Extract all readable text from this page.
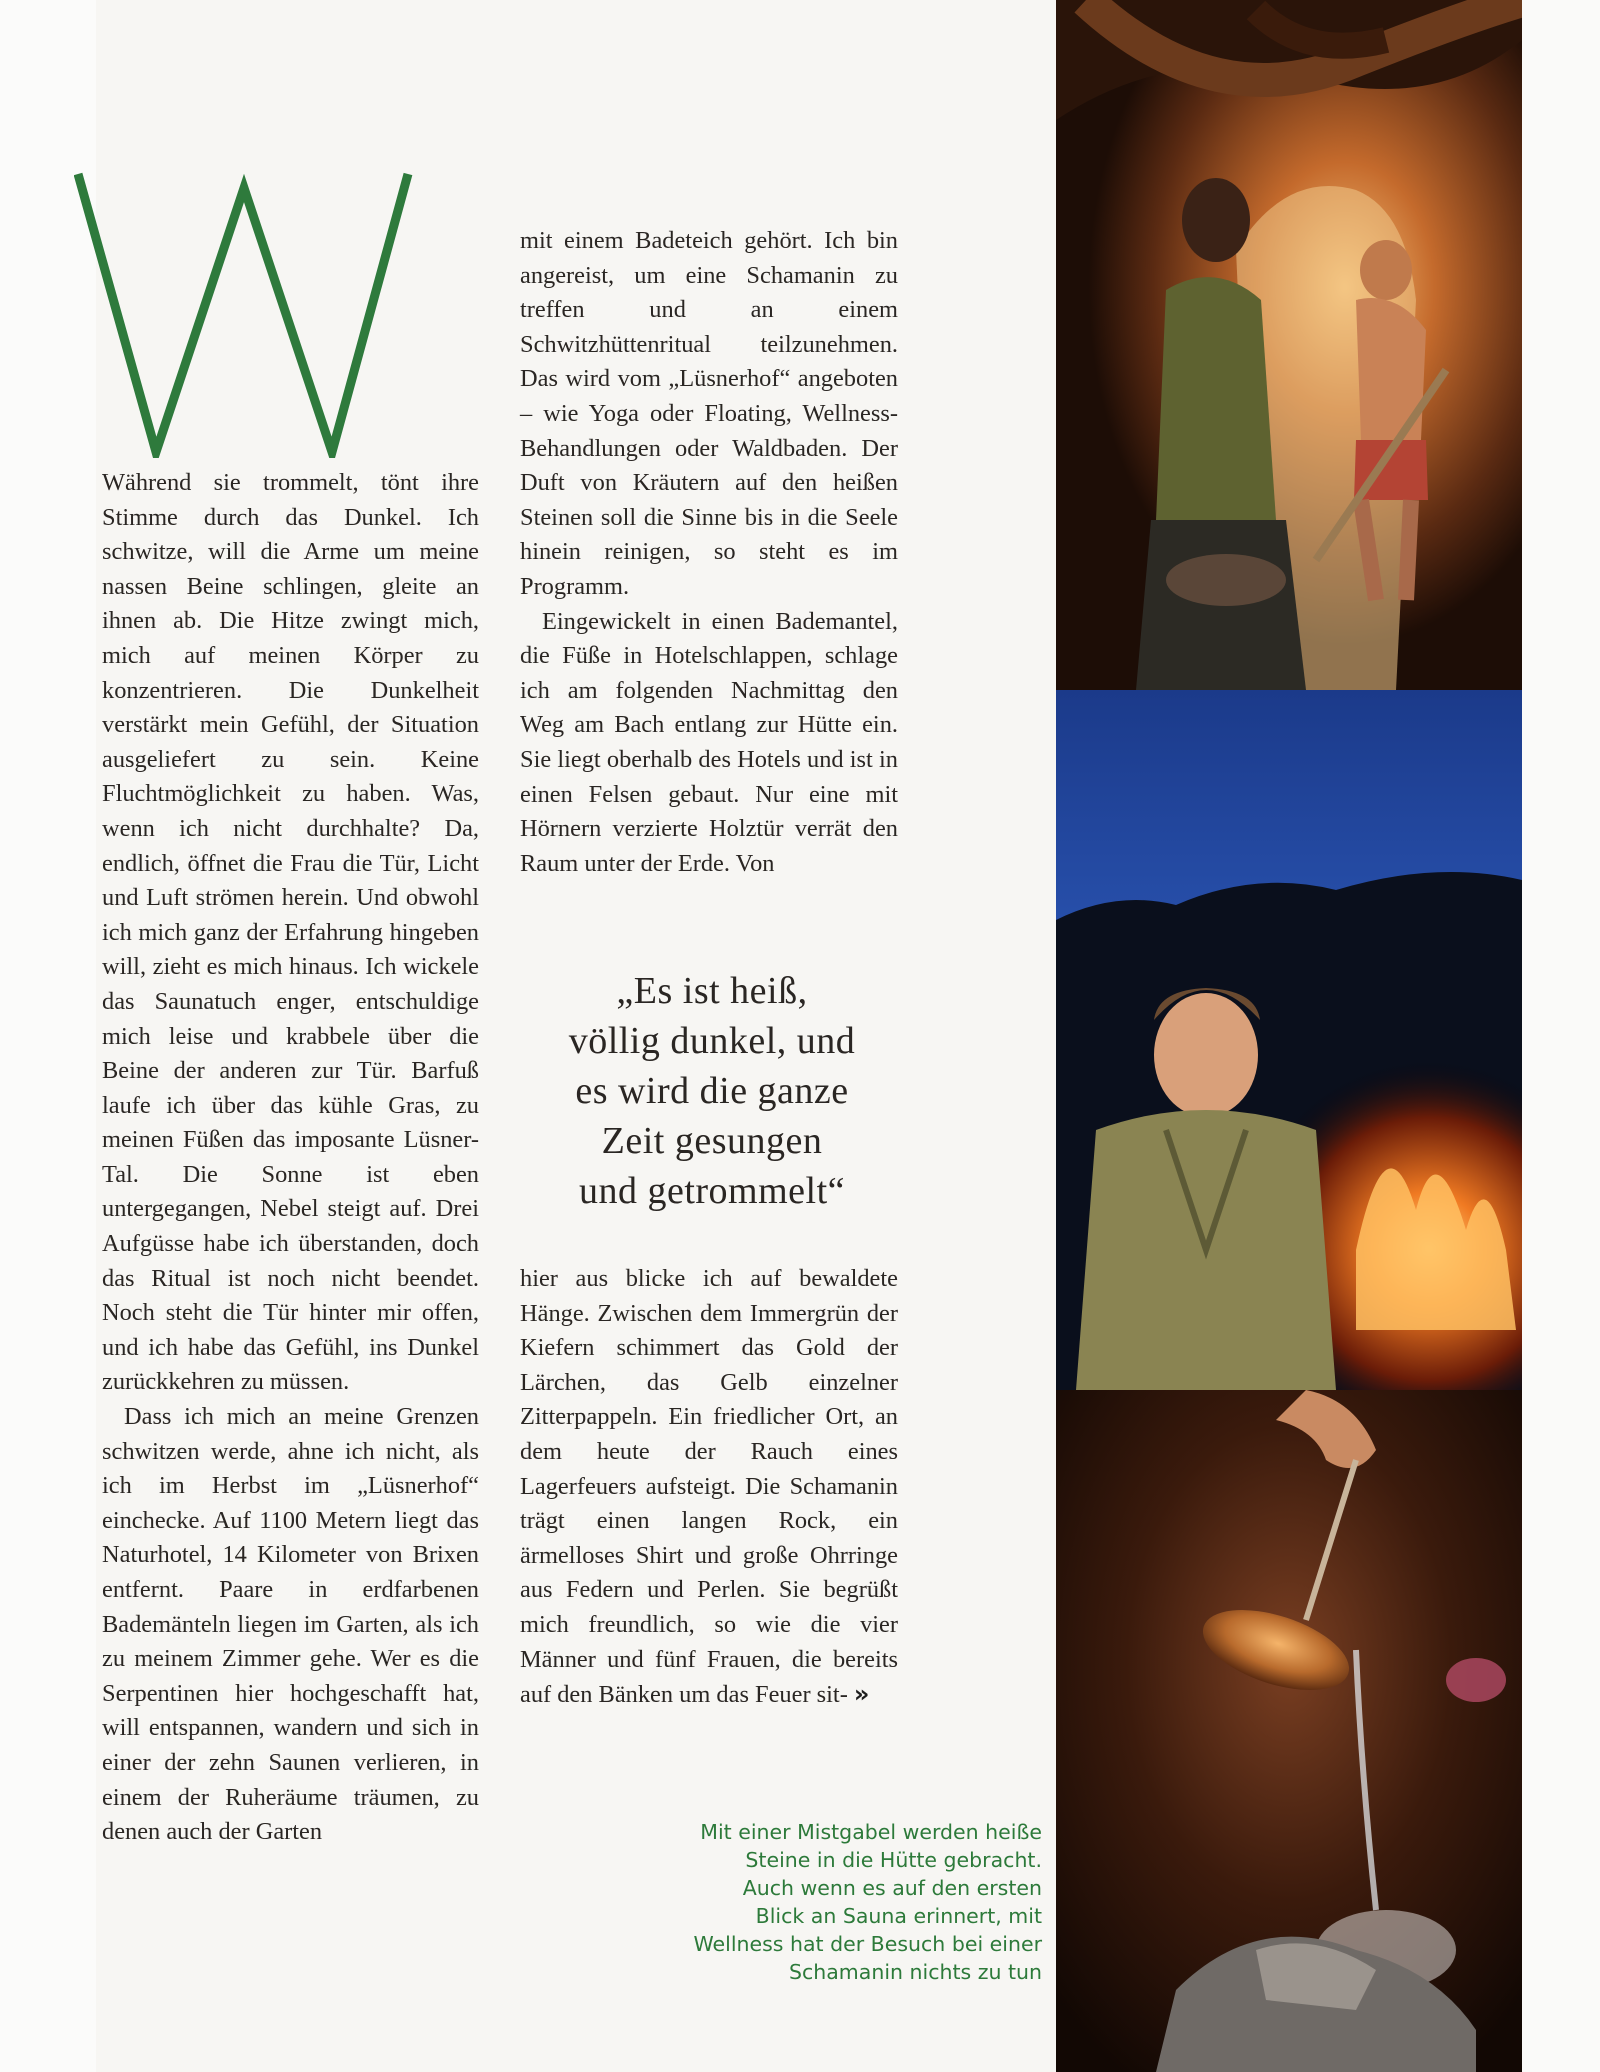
Während sie trommelt, tönt ihre Stimme durch das Dunkel. Ich schwitze, will die Arme um meine nassen Beine schlingen, gleite an ihnen ab. Die Hitze zwingt mich, mich auf meinen Körper zu konzentrieren. Die Dunkelheit verstärkt mein Gefühl, der Situation ausgeliefert zu sein. Keine Fluchtmöglichkeit zu haben. Was, wenn ich nicht durchhalte? Da, endlich, öffnet die Frau die Tür, Licht und Luft strömen herein. Und obwohl ich mich ganz der Erfahrung hingeben will, zieht es mich hinaus. Ich wickele das Saunatuch enger, entschuldige mich leise und krabbele über die Beine der anderen zur Tür. Barfuß laufe ich über das kühle Gras, zu meinen Füßen das imposante Lüsner-Tal. Die Sonne ist eben untergegangen, Nebel steigt auf. Drei Aufgüsse habe ich überstanden, doch das Ritual ist noch nicht beendet. Noch steht die Tür hinter mir offen, und ich habe das Gefühl, ins Dunkel zurückkehren zu müssen.

Dass ich mich an meine Grenzen schwitzen werde, ahne ich nicht, als ich im Herbst im „Lüsnerhof“ einchecke. Auf 1100 Metern liegt das Naturhotel, 14 Kilometer von Brixen entfernt. Paare in erdfarbenen Bademänteln liegen im Garten, als ich zu meinem Zimmer gehe. Wer es die Serpentinen hier hochgeschafft hat, will entspannen, wandern und sich in einer der zehn Saunen verlieren, in einem der Ruheräume träumen, zu denen auch der Garten

mit einem Badeteich gehört. Ich bin angereist, um eine Schamanin zu treffen und an einem Schwitzhüttenritual teilzunehmen. Das wird vom „Lüsnerhof“ angeboten – wie Yoga oder Floating, Wellness-Behandlungen oder Waldbaden. Der Duft von Kräutern auf den heißen Steinen soll die Sinne bis in die Seele hinein reinigen, so steht es im Programm.

Eingewickelt in einen Bademantel, die Füße in Hotelschlappen, schlage ich am folgenden Nachmittag den Weg am Bach entlang zur Hütte ein. Sie liegt oberhalb des Hotels und ist in einen Felsen gebaut. Nur eine mit Hörnern verzierte Holztür verrät den Raum unter der Erde. Von

„Es ist heiß,
völlig dunkel, und
es wird die ganze
Zeit gesungen
und getrommelt“

hier aus blicke ich auf bewaldete Hänge. Zwischen dem Immergrün der Kiefern schimmert das Gold der Lärchen, das Gelb einzelner Zitterpappeln. Ein friedlicher Ort, an dem heute der Rauch eines Lagerfeuers aufsteigt. Die Schamanin trägt einen langen Rock, ein ärmelloses Shirt und große Ohrringe aus Federn und Perlen. Sie begrüßt mich freundlich, so wie die vier Männer und fünf Frauen, die bereits auf den Bänken um das Feuer sit- »

Mit einer Mistgabel werden heiße
Steine in die Hütte gebracht.
Auch wenn es auf den ersten
Blick an Sauna erinnert, mit
Wellness hat der Besuch bei einer
Schamanin nichts zu tun
